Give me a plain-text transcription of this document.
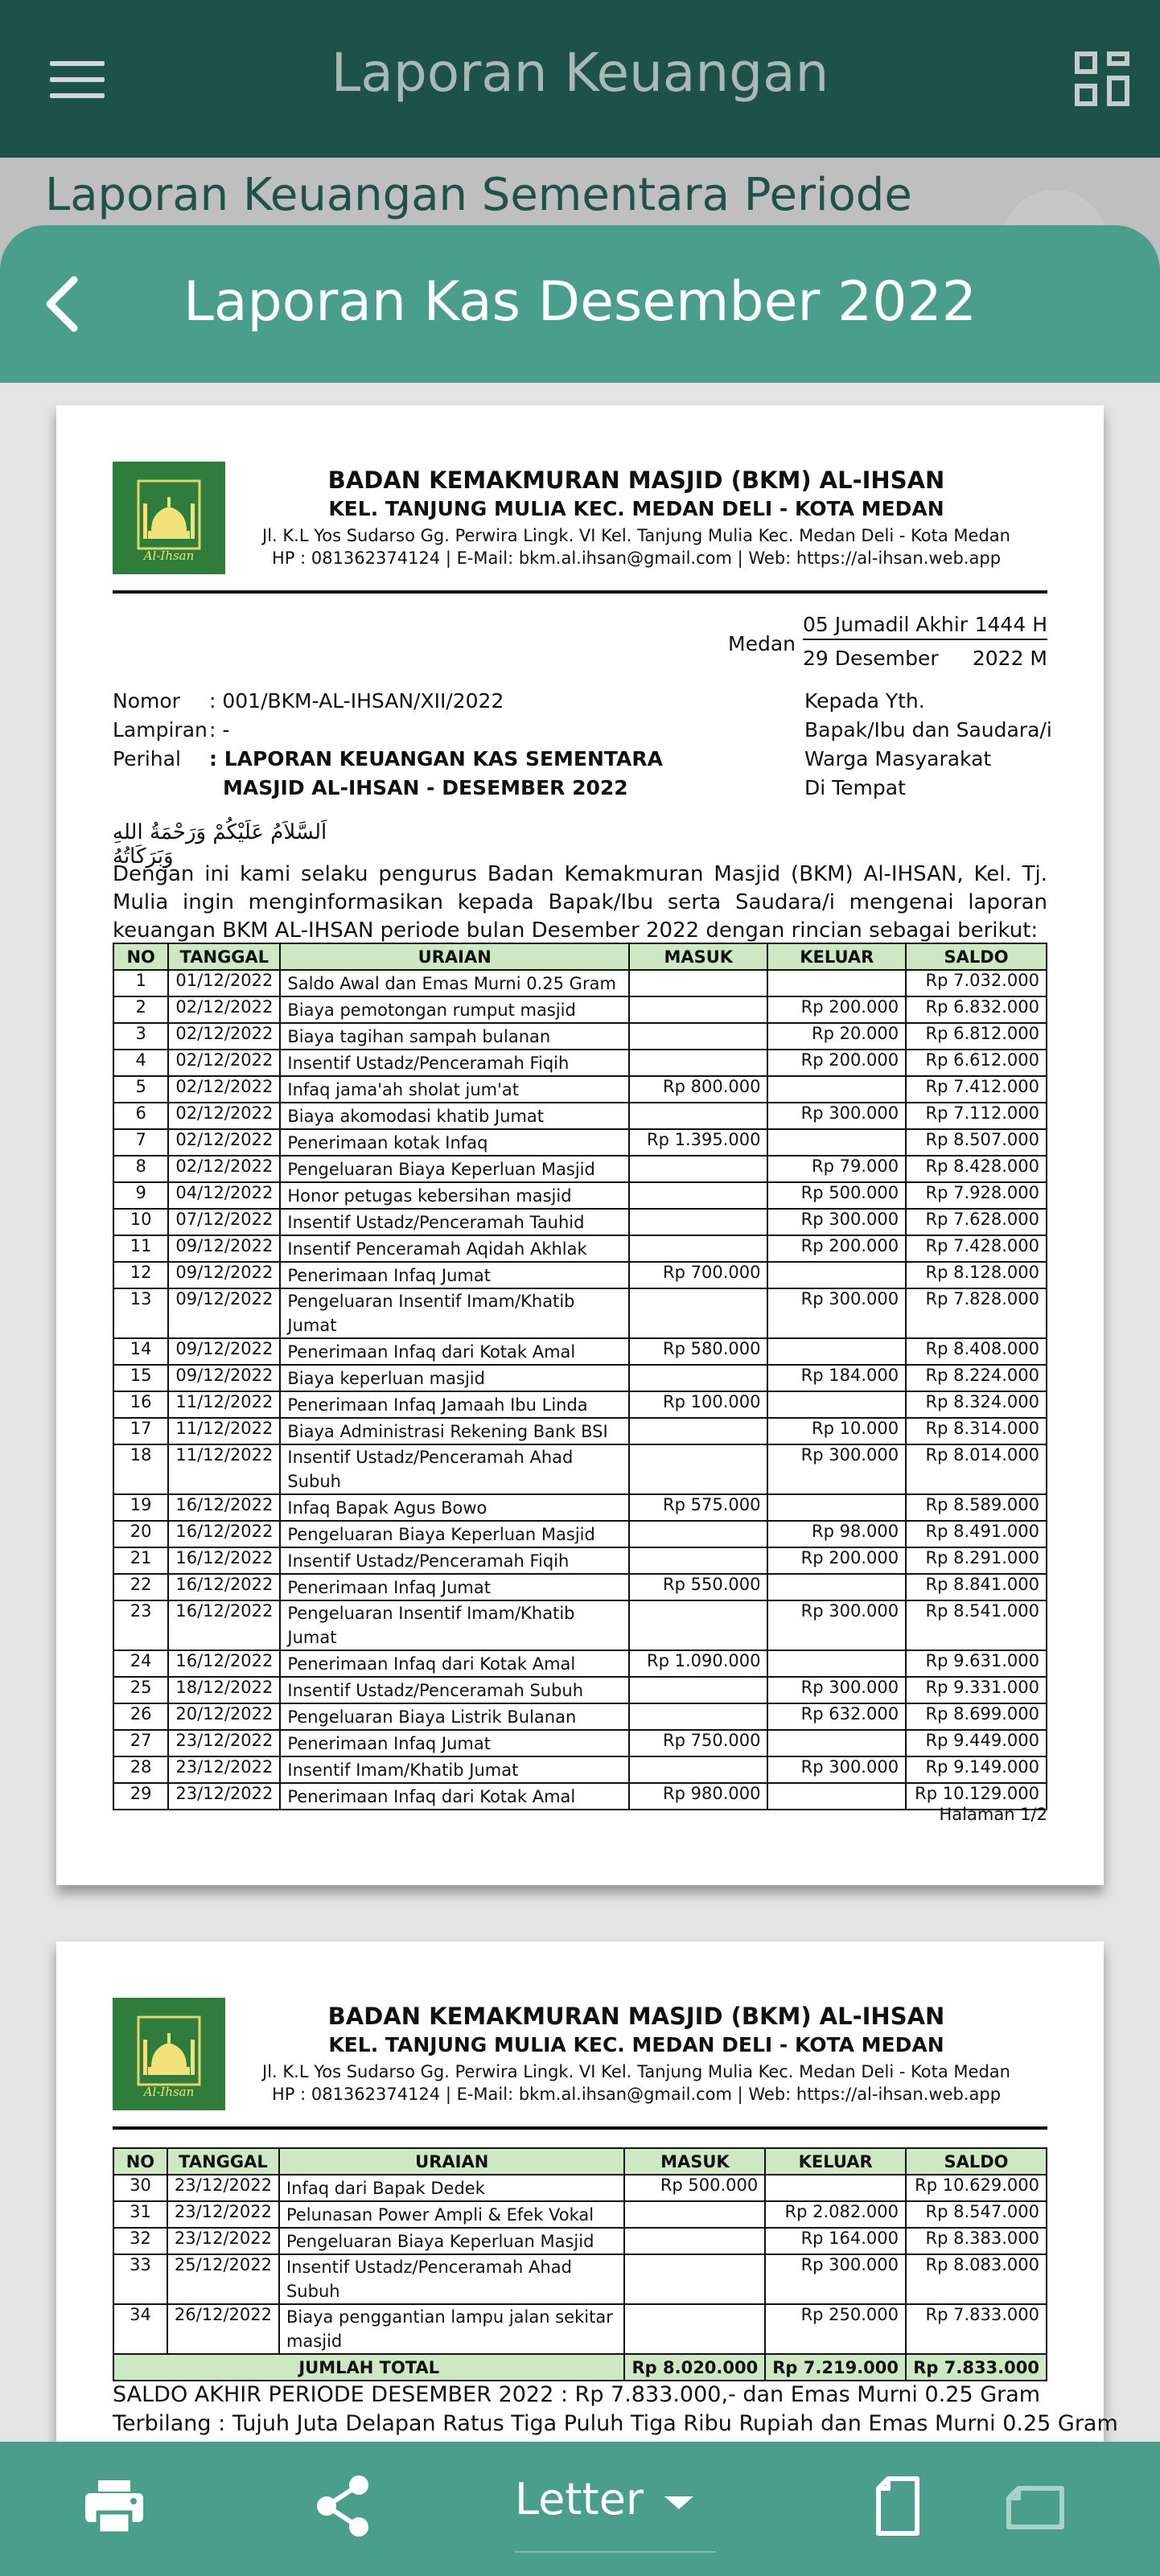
Laporan Keuangan
Laporan Keuangan Sementara Periode
Laporan Kas Desember 2022
Al-Ihsan
BADAN KEMAKMURAN MASJID (BKM) AL-IHSAN
KEL. TANJUNG MULIA KEC. MEDAN DELI - KOTA MEDAN
Jl. K.L Yos Sudarso Gg. Perwira Lingk. VI Kel. Tanjung Mulia Kec. Medan Deli - Kota Medan
HP : 081362374124 | E-Mail: bkm.al.ihsan@gmail.com | Web: https://al-ihsan.web.app
Medan
05 Jumadil Akhir 1444 H
29 Desember 2022 M
Nomor : 001/BKM-AL-IHSAN/XII/2022
Lampiran : -
Perihal : LAPORAN KEUANGAN KAS SEMENTARA
MASJID AL-IHSAN - DESEMBER 2022
Kepada Yth.
Bapak/Ibu dan Saudara/i
Warga Masyarakat
Di Tempat
اَلسَّلاَمُ عَلَيْكُمْ وَرَحْمَةُ اللهِ وَبَرَكَاتُهُ
Dengan ini kami selaku pengurus Badan Kemakmuran Masjid (BKM) Al-IHSAN, Kel. Tj. Mulia ingin menginformasikan kepada Bapak/Ibu serta Saudara/i mengenai laporan keuangan BKM AL-IHSAN periode bulan Desember 2022 dengan rincian sebagai berikut:
NO	TANGGAL	URAIAN	MASUK	KELUAR	SALDO
1	01/12/2022	Saldo Awal dan Emas Murni 0.25 Gram			Rp 7.032.000
2	02/12/2022	Biaya pemotongan rumput masjid		Rp 200.000	Rp 6.832.000
3	02/12/2022	Biaya tagihan sampah bulanan		Rp 20.000	Rp 6.812.000
4	02/12/2022	Insentif Ustadz/Penceramah Fiqih		Rp 200.000	Rp 6.612.000
5	02/12/2022	Infaq jama'ah sholat jum'at	Rp 800.000		Rp 7.412.000
6	02/12/2022	Biaya akomodasi khatib Jumat		Rp 300.000	Rp 7.112.000
7	02/12/2022	Penerimaan kotak Infaq	Rp 1.395.000		Rp 8.507.000
8	02/12/2022	Pengeluaran Biaya Keperluan Masjid		Rp 79.000	Rp 8.428.000
9	04/12/2022	Honor petugas kebersihan masjid		Rp 500.000	Rp 7.928.000
10	07/12/2022	Insentif Ustadz/Penceramah Tauhid		Rp 300.000	Rp 7.628.000
11	09/12/2022	Insentif Penceramah Aqidah Akhlak		Rp 200.000	Rp 7.428.000
12	09/12/2022	Penerimaan Infaq Jumat	Rp 700.000		Rp 8.128.000
13	09/12/2022	Pengeluaran Insentif Imam/Khatib Jumat		Rp 300.000	Rp 7.828.000
14	09/12/2022	Penerimaan Infaq dari Kotak Amal	Rp 580.000		Rp 8.408.000
15	09/12/2022	Biaya keperluan masjid		Rp 184.000	Rp 8.224.000
16	11/12/2022	Penerimaan Infaq Jamaah Ibu Linda	Rp 100.000		Rp 8.324.000
17	11/12/2022	Biaya Administrasi Rekening Bank BSI		Rp 10.000	Rp 8.314.000
18	11/12/2022	Insentif Ustadz/Penceramah Ahad Subuh		Rp 300.000	Rp 8.014.000
19	16/12/2022	Infaq Bapak Agus Bowo	Rp 575.000		Rp 8.589.000
20	16/12/2022	Pengeluaran Biaya Keperluan Masjid		Rp 98.000	Rp 8.491.000
21	16/12/2022	Insentif Ustadz/Penceramah Fiqih		Rp 200.000	Rp 8.291.000
22	16/12/2022	Penerimaan Infaq Jumat	Rp 550.000		Rp 8.841.000
23	16/12/2022	Pengeluaran Insentif Imam/Khatib Jumat		Rp 300.000	Rp 8.541.000
24	16/12/2022	Penerimaan Infaq dari Kotak Amal	Rp 1.090.000		Rp 9.631.000
25	18/12/2022	Insentif Ustadz/Penceramah Subuh		Rp 300.000	Rp 9.331.000
26	20/12/2022	Pengeluaran Biaya Listrik Bulanan		Rp 632.000	Rp 8.699.000
27	23/12/2022	Penerimaan Infaq Jumat	Rp 750.000		Rp 9.449.000
28	23/12/2022	Insentif Imam/Khatib Jumat		Rp 300.000	Rp 9.149.000
29	23/12/2022	Penerimaan Infaq dari Kotak Amal	Rp 980.000		Rp 10.129.000
Halaman 1/2
Al-Ihsan
BADAN KEMAKMURAN MASJID (BKM) AL-IHSAN
KEL. TANJUNG MULIA KEC. MEDAN DELI - KOTA MEDAN
Jl. K.L Yos Sudarso Gg. Perwira Lingk. VI Kel. Tanjung Mulia Kec. Medan Deli - Kota Medan
HP : 081362374124 | E-Mail: bkm.al.ihsan@gmail.com | Web: https://al-ihsan.web.app
NO	TANGGAL	URAIAN	MASUK	KELUAR	SALDO
30	23/12/2022	Infaq dari Bapak Dedek	Rp 500.000		Rp 10.629.000
31	23/12/2022	Pelunasan Power Ampli & Efek Vokal		Rp 2.082.000	Rp 8.547.000
32	23/12/2022	Pengeluaran Biaya Keperluan Masjid		Rp 164.000	Rp 8.383.000
33	25/12/2022	Insentif Ustadz/Penceramah Ahad Subuh		Rp 300.000	Rp 8.083.000
34	26/12/2022	Biaya penggantian lampu jalan sekitar masjid		Rp 250.000	Rp 7.833.000
JUMLAH TOTAL			Rp 8.020.000	Rp 7.219.000	Rp 7.833.000
SALDO AKHIR PERIODE DESEMBER 2022 : Rp 7.833.000,- dan Emas Murni 0.25 Gram
Terbilang : Tujuh Juta Delapan Ratus Tiga Puluh Tiga Ribu Rupiah dan Emas Murni 0.25 Gram
Letter
